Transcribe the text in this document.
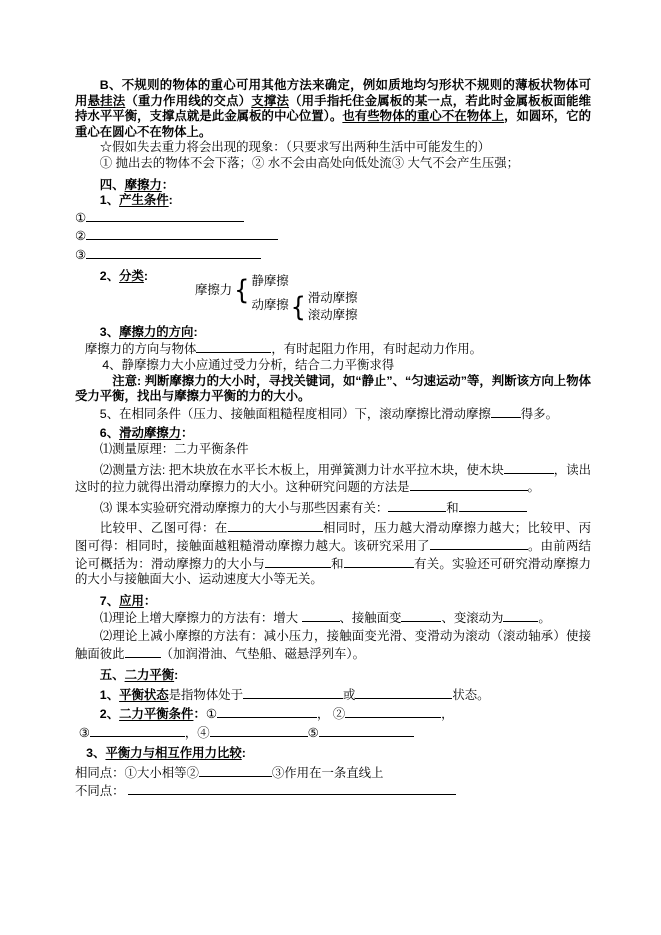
B、不规则的物体的重心可用其他方法来确定，例如质地均匀形状不规则的薄板状物体可用悬挂法（重力作用线的交点）支撑法（用手指托住金属板的某一点，若此时金属板板面能维持水平平衡，支撑点就是此金属板的中心位置）。也有些物体的重心不在物体上，如圆环，它的重心在圆心不在物体上。

☆假如失去重力将会出现的现象：（只要求写出两种生活中可能发生的）

① 抛出去的物体不会下落；② 水不会由高处向低处流③ 大气不会产生压强；

四、摩擦力：

1、产生条件:

①

②

③

2、分类:

摩擦力 { 静摩擦
动摩擦 { 滑动摩擦
滚动摩擦

3、摩擦力的方向:

摩擦力的方向与物体	，有时起阻力作用，有时起动力作用。

4、静摩擦力大小应通过受力分析，结合二力平衡求得

注意: 判断摩擦力的大小时，寻找关键词，如“静止”、“匀速运动”等，判断该方向上物体受力平衡，找出与摩擦力平衡的力的大小。

5、在相同条件（压力、接触面粗糙程度相同）下，滚动摩擦比滑动摩擦 得多。

6、滑动摩擦力：

⑴测量原理：二力平衡条件

⑵测量方法: 把木块放在水平长木板上，用弹簧测力计水平拉木块，使木块	，读出这时的拉力就得出滑动摩擦力的大小。这种研究问题的方法是	。

⑶ 课本实验研究滑动摩擦力的大小与那些因素有关：	和

比较甲、乙图可得：在	相同时，压力越大滑动摩擦力越大；比较甲、丙图可得：相同时，接触面越粗糙滑动摩擦力越大。该研究采用了	。由前两结论可概括为：滑动摩擦力的大小与	和	有关。实验还可研究滑动摩擦力的大小与接触面大小、运动速度大小等无关。

7、应用：

⑴理论上增大摩擦力的方法有：增大	、接触面变	、变滚动为	。

⑵理论上减小摩擦的方法有：减小压力，接触面变光滑、变滑动为滚动（滚动轴承）使接触面彼此	（加润滑油、气垫船、磁悬浮列车）。

五、二力平衡:

1、平衡状态是指物体处于	或	状态。

2、二力平衡条件：①	， ②	，

③	，④	⑤

3、平衡力与相互作用力比较:

相同点：①大小相等②	③作用在一条直线上

不同点：
